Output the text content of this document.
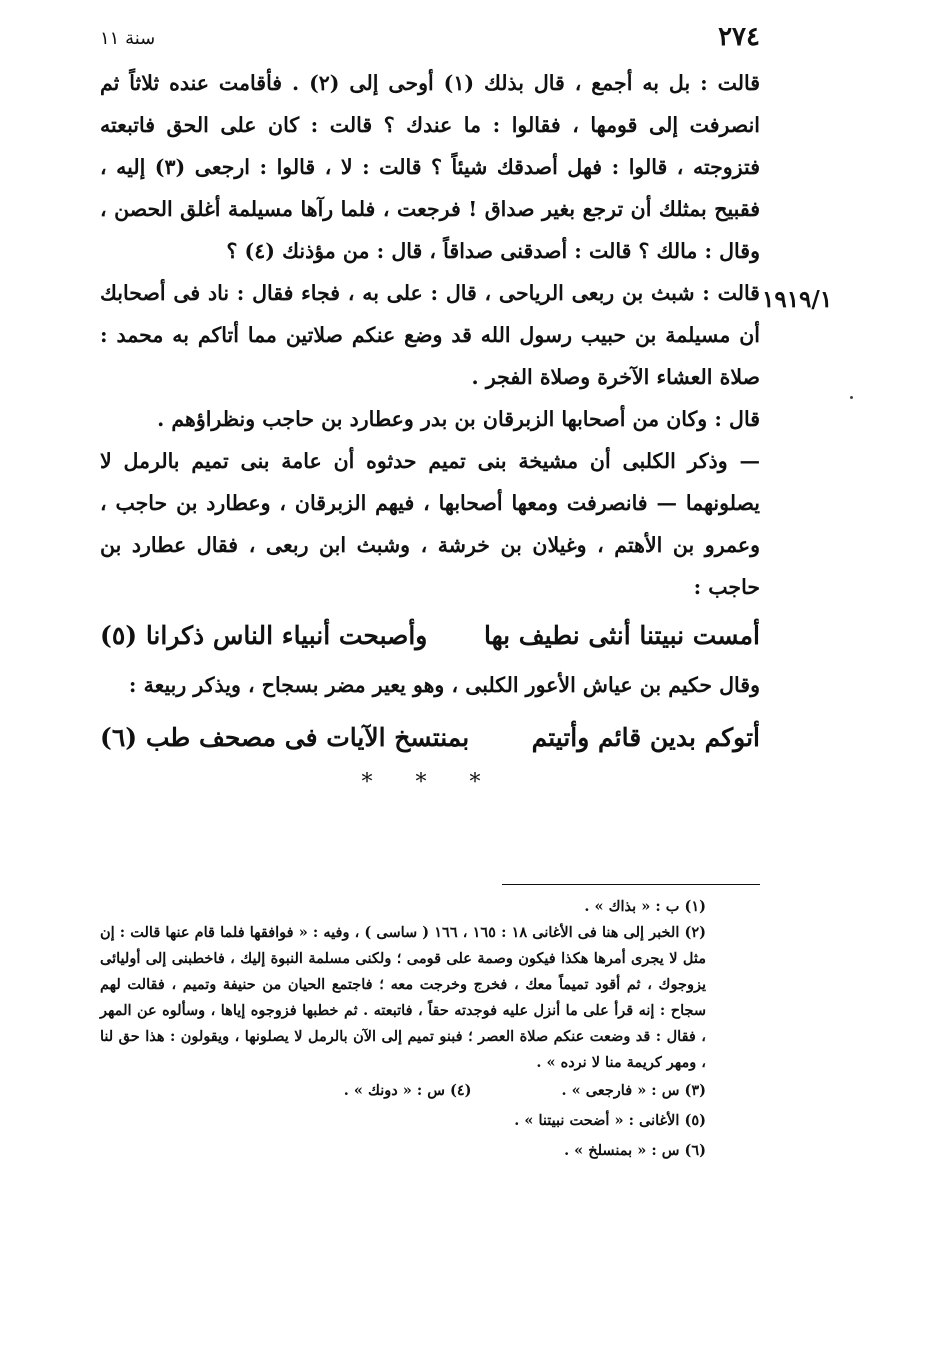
٢٧٤
سنة ١١
١٩١٩/١

قالت : بل به أجمع ، قال بذلك (١) أوحى إلى (٢) . فأقامت عنده ثلاثاً ثم انصرفت إلى قومها ، فقالوا : ما عندك ؟ قالت : كان على الحق فاتبعته فتزوجته ، قالوا : فهل أصدقك شيئاً ؟ قالت : لا ، قالوا : ارجعى (٣) إليه ، فقبيح بمثلك أن ترجع بغير صداق ! فرجعت ، فلما رآها مسيلمة أغلق الحصن ، وقال : مالك ؟ قالت : أصدقنى صداقاً ، قال : من مؤذنك (٤) ؟

قالت : شبث بن ربعى الرياحى ، قال : على به ، فجاء فقال : ناد فى أصحابك أن مسيلمة بن حبيب رسول الله قد وضع عنكم صلاتين مما أتاكم به محمد : صلاة العشاء الآخرة وصلاة الفجر .

قال : وكان من أصحابها الزبرقان بن بدر وعطارد بن حاجب ونظراؤهم .

— وذكر الكلبى أن مشيخة بنى تميم حدثوه أن عامة بنى تميم بالرمل لا يصلونهما — فانصرفت ومعها أصحابها ، فيهم الزبرقان ، وعطارد بن حاجب ، وعمرو بن الأهتم ، وغيلان بن خرشة ، وشبث ابن ربعى ، فقال عطارد بن حاجب :

أمست نبيتنا أنثى نطيف بها
وأصبحت أنبياء الناس ذكرانا (٥)

وقال حكيم بن عياش الأعور الكلبى ، وهو يعير مضر بسجاح ، ويذكر ربيعة :

أتوكم بدين قائم وأتيتم
بمنتسخ الآيات فى مصحف طب (٦)
* * *

(١) ب : « بذاك » .

(٢) الخبر إلى هنا فى الأغانى ١٨ : ١٦٥ ، ١٦٦ ( ساسى ) ، وفيه : « فوافقها فلما قام عنها قالت : إن مثل لا يجرى أمرها هكذا فيكون وصمة على قومى ؛ ولكنى مسلمة النبوة إليك ، فاخطبنى إلى أوليائى يزوجوك ، ثم أقود تميماً معك ، فخرج وخرجت معه ؛ فاجتمع الحيان من حنيفة وتميم ، فقالت لهم سجاح : إنه قرأ على ما أنزل عليه فوجدته حقاً ، فاتبعته . ثم خطبها فزوجوه إياها ، وسألوه عن المهر ، فقال : قد وضعت عنكم صلاة العصر ؛ فبنو تميم إلى الآن بالرمل لا يصلونها ، ويقولون : هذا حق لنا ، ومهر كريمة منا لا نرده » .

(٣) س : « فارجعى » .
(٤) س : « دونك » .

(٥) الأغانى : « أضحت نبيتنا » .

(٦) س : « بمنسلخ » .
